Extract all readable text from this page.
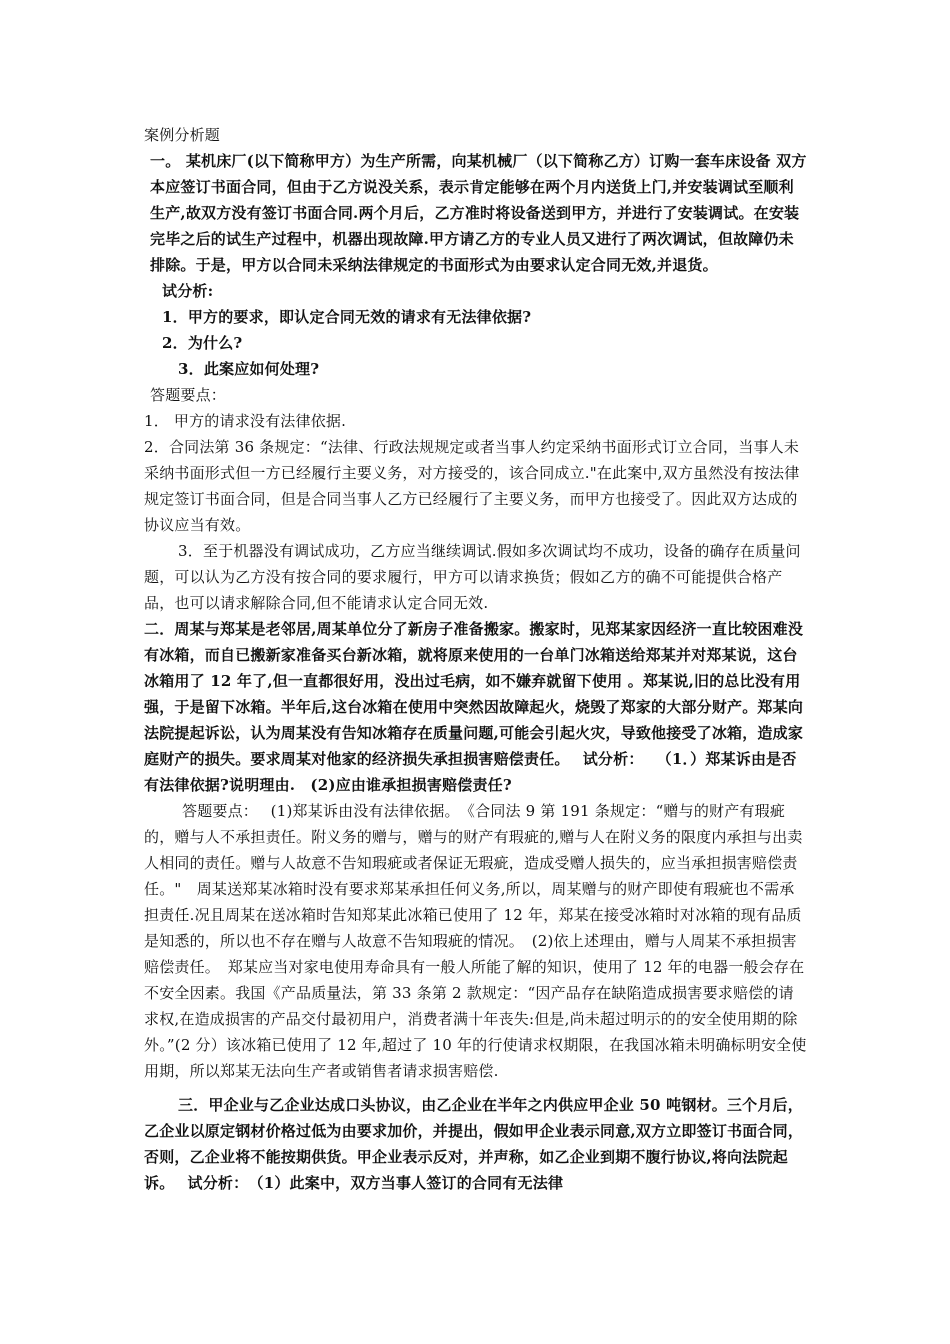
案例分析题

一。 某机床厂(以下简称甲方）为生产所需，向某机械厂（以下简称乙方）订购一套车床设备 双方本应签订书面合同，但由于乙方说没关系，表示肯定能够在两个月内送货上门,并安装调试至顺利生产,故双方没有签订书面合同.两个月后，乙方准时将设备送到甲方，并进行了安装调试。在安装完毕之后的试生产过程中，机器出现故障.甲方请乙方的专业人员又进行了两次调试，但故障仍未排除。于是，甲方以合同未采纳法律规定的书面形式为由要求认定合同无效,并退货。

试分析:

1．甲方的要求，即认定合同无效的请求有无法律依据?

2．为什么?

3．此案应如何处理?

答题要点：

1． 甲方的请求没有法律依据.

2．合同法第 36 条规定：“法律、行政法规规定或者当事人约定采纳书面形式订立合同，当事人未采纳书面形式但一方已经履行主要义务，对方接受的，该合同成立."在此案中,双方虽然没有按法律规定签订书面合同，但是合同当事人乙方已经履行了主要义务，而甲方也接受了。因此双方达成的协议应当有效。

3．至于机器没有调试成功，乙方应当继续调试.假如多次调试均不成功，设备的确存在质量问题，可以认为乙方没有按合同的要求履行，甲方可以请求换货；假如乙方的确不可能提供合格产品，也可以请求解除合同,但不能请求认定合同无效.

二．周某与郑某是老邻居,周某单位分了新房子准备搬家。搬家时，见郑某家因经济一直比较困难没有冰箱，而自已搬新家准备买台新冰箱，就将原来使用的一台单门冰箱送给郑某并对郑某说，这台冰箱用了 12 年了,但一直都很好用，没出过毛病，如不嫌弃就留下使用 。郑某说,旧的总比没有用强，于是留下冰箱。半年后,这台冰箱在使用中突然因故障起火，烧毁了郑家的大部分财产。郑某向法院提起诉讼，认为周某没有告知冰箱存在质量问题,可能会引起火灾，导致他接受了冰箱，造成家庭财产的损失。要求周某对他家的经济损失承担损害赔偿责任。　 试分析：　 （1．）郑某诉由是否有法律依据?说明理由.　(2)应由谁承担损害赔偿责任?

答题要点：　 (1)郑某诉由没有法律依据。　《合同法 9 第 191 条规定：“赠与的财产有瑕疵的，赠与人不承担责任。附义务的赠与，赠与的财产有瑕疵的,赠与人在附义务的限度内承担与出卖人相同的责任。赠与人故意不告知瑕疵或者保证无瑕疵，造成受赠人损失的，应当承担损害赔偿责任。"　周某送郑某冰箱时没有要求郑某承担任何义务,所以，周某赠与的财产即使有瑕疵也不需承担责任.况且周某在送冰箱时告知郑某此冰箱已使用了 12 年，郑某在接受冰箱时对冰箱的现有品质是知悉的，所以也不存在赠与人故意不告知瑕疵的情况。　(2)依上述理由，赠与人周某不承担损害赔偿责任。　郑某应当对家电使用寿命具有一般人所能了解的知识，使用了 12 年的电器一般会存在不安全因素。我国《产品质量法，第 33 条第 2 款规定：“因产品存在缺陷造成损害要求赔偿的请求权,在造成损害的产品交付最初用户，消费者满十年丧失:但是,尚未超过明示的的安全使用期的除外。”(2 分）该冰箱已使用了 12 年,超过了 10 年的行使请求权期限，在我国冰箱未明确标明安全使用期，所以郑某无法向生产者或销售者请求损害赔偿.

三．甲企业与乙企业达成口头协议，由乙企业在半年之内供应甲企业 50 吨钢材。三个月后，乙企业以原定钢材价格过低为由要求加价，并提出，假如甲企业表示同意,双方立即签订书面合同，否则，乙企业将不能按期供货。甲企业表示反对，并声称，如乙企业到期不腹行协议,将向法院起诉。　 试分析：　（1）此案中，双方当事人签订的合同有无法律
